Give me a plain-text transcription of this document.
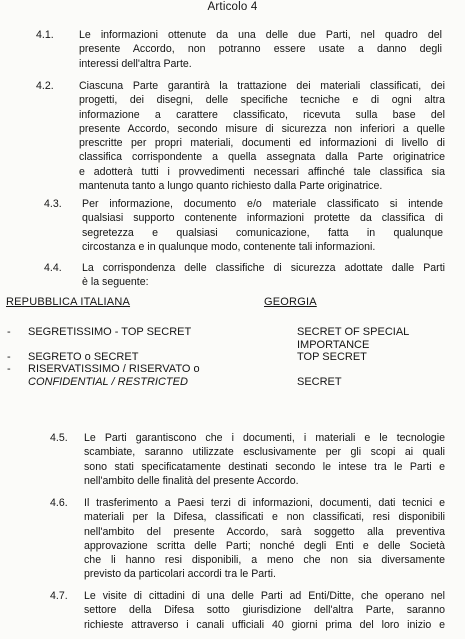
Articolo 4
4.1. Le informazioni ottenute da una delle due Parti, nel quadro del
presente Accordo, non potranno essere usate a danno degli
interessi dell'altra Parte.
4.2. Ciascuna Parte garantirà la trattazione dei materiali classificati, dei
progetti, dei disegni, delle specifiche tecniche e di ogni altra
informazione a carattere classificato, ricevuta sulla base del
presente Accordo, secondo misure di sicurezza non inferiori a quelle
prescritte per propri materiali, documenti ed informazioni di livello di
classifica corrispondente a quella assegnata dalla Parte originatrice
e adotterà tutti i provvedimenti necessari affinché tale classifica sia
mantenuta tanto a lungo quanto richiesto dalla Parte originatrice.
4.3. Per informazione, documento e/o materiale classificato si intende
qualsiasi supporto contenente informazioni protette da classifica di
segretezza e qualsiasi comunicazione, fatta in qualunque
circostanza e in qualunque modo, contenente tali informazioni.
4.4. La corrispondenza delle classifiche di sicurezza adottate dalle Parti
è la seguente:
REPUBBLICA ITALIANA	GEORGIA
- SEGRETISSIMO - TOP SECRET	SECRET OF SPECIAL
IMPORTANCE
- SEGRETO o SECRET	TOP SECRET
- RISERVATISSIMO / RISERVATO o
CONFIDENTIAL / RESTRICTED	SECRET
4.5. Le Parti garantiscono che i documenti, i materiali e le tecnologie
scambiate, saranno utilizzate esclusivamente per gli scopi ai quali
sono stati specificatamente destinati secondo le intese tra le Parti e
nell'ambito delle finalità del presente Accordo.
4.6. Il trasferimento a Paesi terzi di informazioni, documenti, dati tecnici e
materiali per la Difesa, classificati e non classificati, resi disponibili
nell'ambito del presente Accordo, sarà soggetto alla preventiva
approvazione scritta delle Parti; nonché degli Enti e delle Società
che li hanno resi disponibili, a meno che non sia diversamente
previsto da particolari accordi tra le Parti.
4.7. Le visite di cittadini di una delle Parti ad Enti/Ditte, che operano nel
settore della Difesa sotto giurisdizione dell'altra Parte, saranno
richieste attraverso i canali ufficiali 40 giorni prima del loro inizio e
